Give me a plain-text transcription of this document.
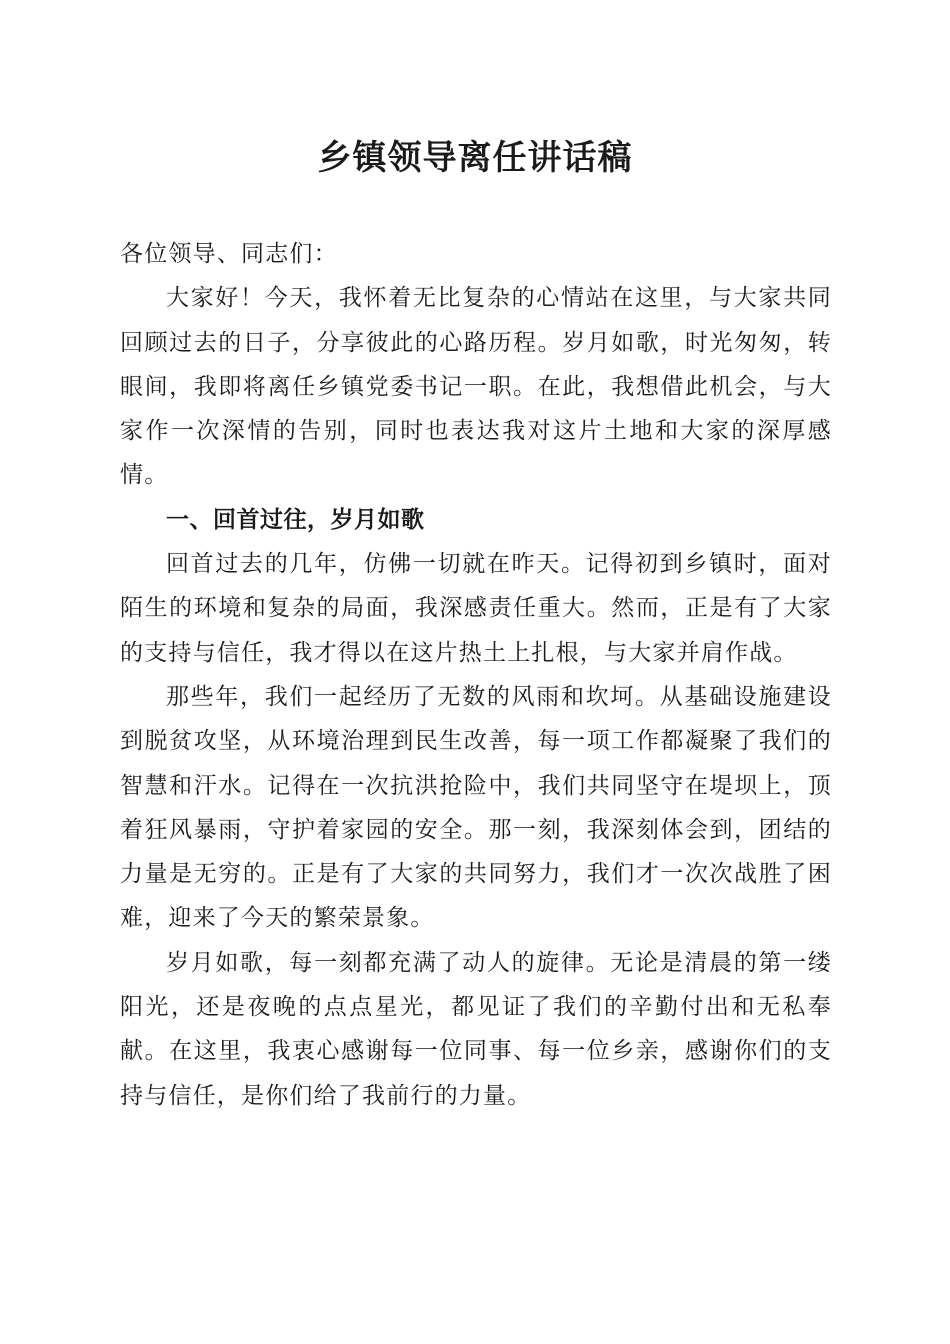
乡镇领导离任讲话稿

各位领导、同志们：

大家好！今天，我怀着无比复杂的心情站在这里，与大家共同回顾过去的日子，分享彼此的心路历程。岁月如歌，时光匆匆，转眼间，我即将离任乡镇党委书记一职。在此，我想借此机会，与大家作一次深情的告别，同时也表达我对这片土地和大家的深厚感情。

一、回首过往，岁月如歌

回首过去的几年，仿佛一切就在昨天。记得初到乡镇时，面对陌生的环境和复杂的局面，我深感责任重大。然而，正是有了大家的支持与信任，我才得以在这片热土上扎根，与大家并肩作战。

那些年，我们一起经历了无数的风雨和坎坷。从基础设施建设到脱贫攻坚，从环境治理到民生改善，每一项工作都凝聚了我们的智慧和汗水。记得在一次抗洪抢险中，我们共同坚守在堤坝上，顶着狂风暴雨，守护着家园的安全。那一刻，我深刻体会到，团结的力量是无穷的。正是有了大家的共同努力，我们才一次次战胜了困难，迎来了今天的繁荣景象。

岁月如歌，每一刻都充满了动人的旋律。无论是清晨的第一缕阳光，还是夜晚的点点星光，都见证了我们的辛勤付出和无私奉献。在这里，我衷心感谢每一位同事、每一位乡亲，感谢你们的支持与信任，是你们给了我前行的力量。
